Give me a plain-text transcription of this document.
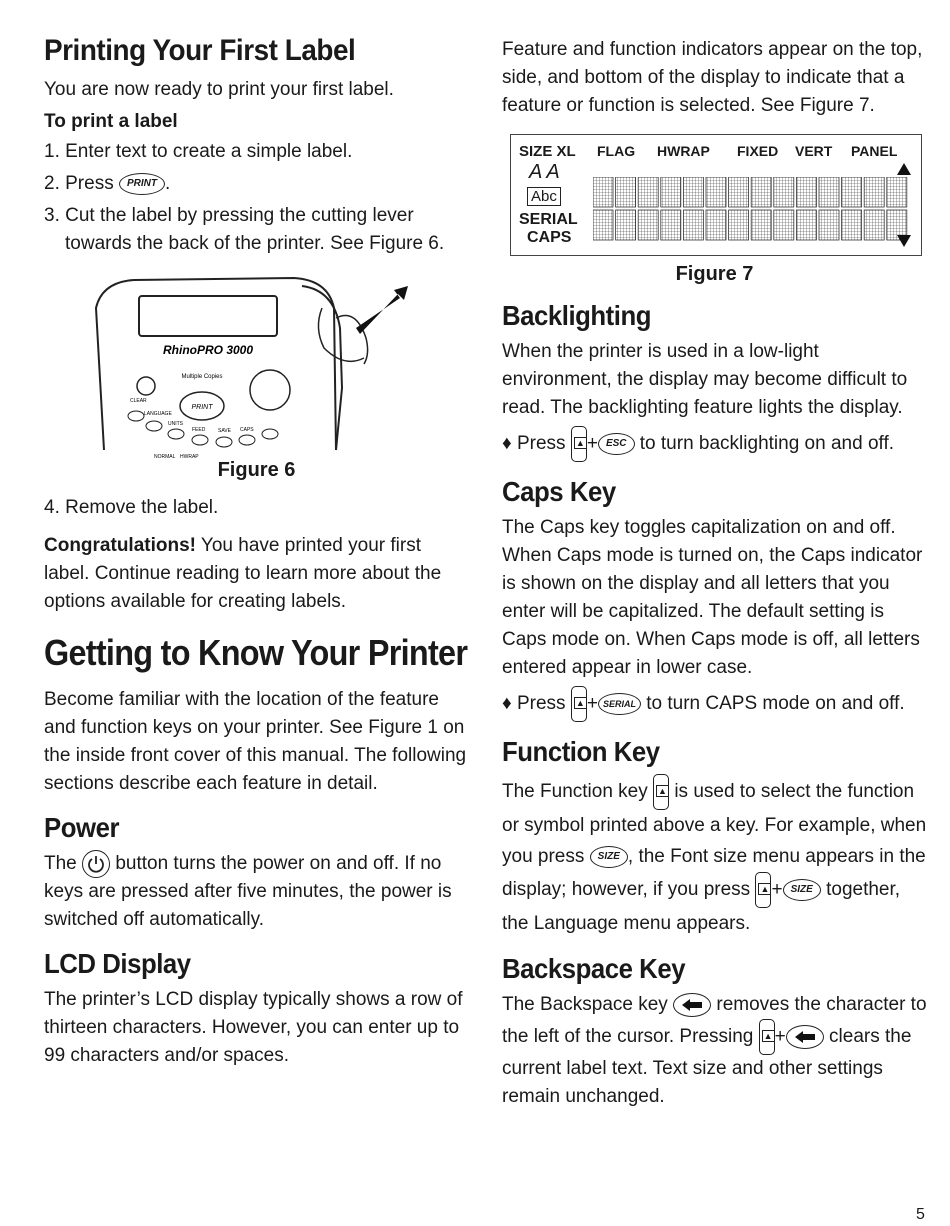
Printing Your First Label

You are now ready to print your first label.

To print a label
1. Enter text to create a simple label.
2. Press PRINT .
3. Cut the label by pressing the cutting lever towards the back of the printer. See Figure 6.
RhinoPRO 3000
Multiple Copies
PRINT
CLEAR
LANGUAGE
UNITS
FEED	SAVE CAPS
NORMAL HWRAP
Figure 6
4. Remove the label.

Congratulations! You have printed your first label. Continue reading to learn more about the options available for creating labels.

Getting to Know Your Printer

Become familiar with the location of the feature and function keys on your printer. See Figure 1 on the inside front cover of this manual. The following sections describe each feature in detail.

Power

The button turns the power on and off. If no keys are pressed after five minutes, the power is switched off automatically.

LCD Display

The printer’s LCD display typically shows a row of thirteen characters. However, you can enter up to 99 characters and/or spaces.

Feature and function indicators appear on the top, side, and bottom of the display to indicate that a feature or function is selected. See Figure 7.

SIZE XL FLAG HWRAP FIXED VERT PANEL
A A
Abc
SERIAL
CAPS
Figure 7
Backlighting

When the printer is used in a low-light environment, the display may become difficult to read. The backlighting feature lights the display.

♦ Press ▲ + ESC to turn backlighting on and off.

Caps Key

The Caps key toggles capitalization on and off. When Caps mode is turned on, the Caps indicator is shown on the display and all letters that you enter will be capitalized. The default setting is Caps mode on. When Caps mode is off, all letters entered appear in lower case.

♦ Press ▲ + SERIAL to turn CAPS mode on and off.

Function Key

The Function key ▲ is used to select the function or symbol printed above a key. For example, when you press SIZE , the Font size menu appears in the display; however, if you press ▲ + SIZE together, the Language menu appears.

Backspace Key

The Backspace key	removes the character to the left of the cursor. Pressing ▲ + clears the current label text. Text size and other settings remain unchanged.

5
